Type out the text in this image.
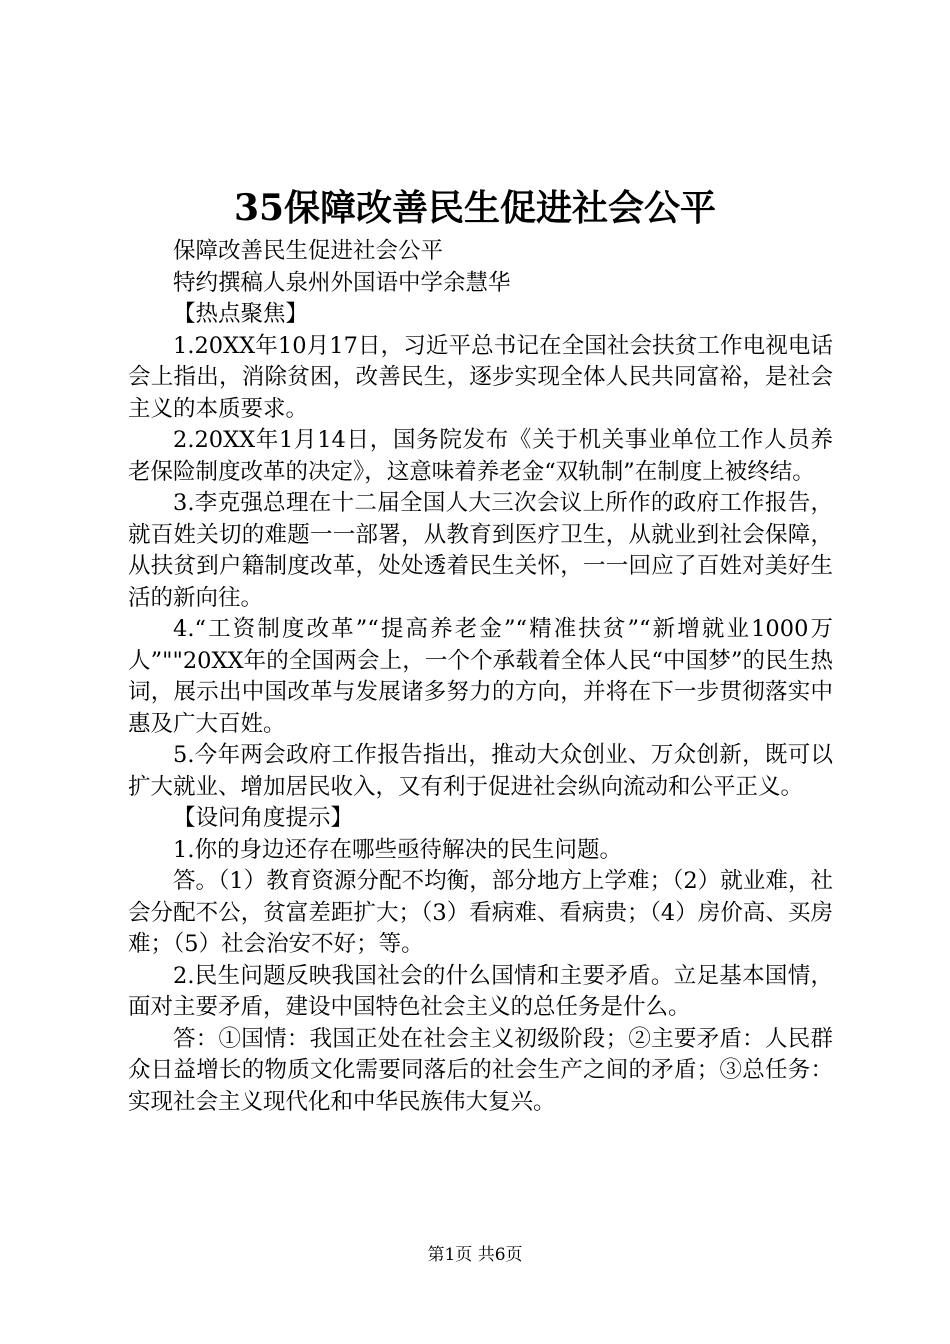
35保障改善民生促进社会公平

保障改善民生促进社会公平

特约撰稿人泉州外国语中学余慧华

【热点聚焦】

1.20XX年10月17日，习近平总书记在全国社会扶贫工作电视电话会上指出，消除贫困，改善民生，逐步实现全体人民共同富裕，是社会主义的本质要求。

2.20XX年1月14日，国务院发布《关于机关事业单位工作人员养老保险制度改革的决定》，这意味着养老金“双轨制”在制度上被终结。

3.李克强总理在十二届全国人大三次会议上所作的政府工作报告，就百姓关切的难题一一部署，从教育到医疗卫生，从就业到社会保障，从扶贫到户籍制度改革，处处透着民生关怀，一一回应了百姓对美好生活的新向往。

4.“工资制度改革”“提高养老金”“精准扶贫”“新增就业1000万人”""20XX年的全国两会上，一个个承载着全体人民“中国梦”的民生热词，展示出中国改革与发展诸多努力的方向，并将在下一步贯彻落实中惠及广大百姓。

5.今年两会政府工作报告指出，推动大众创业、万众创新，既可以扩大就业、增加居民收入，又有利于促进社会纵向流动和公平正义。

【设问角度提示】

1.你的身边还存在哪些亟待解决的民生问题。

答。（1）教育资源分配不均衡，部分地方上学难；（2）就业难，社会分配不公，贫富差距扩大；（3）看病难、看病贵；（4）房价高、买房难；（5）社会治安不好；等。

2.民生问题反映我国社会的什么国情和主要矛盾。立足基本国情，面对主要矛盾，建设中国特色社会主义的总任务是什么。

答：①国情：我国正处在社会主义初级阶段；②主要矛盾：人民群众日益增长的物质文化需要同落后的社会生产之间的矛盾；③总任务：实现社会主义现代化和中华民族伟大复兴。

第1页 共6页
